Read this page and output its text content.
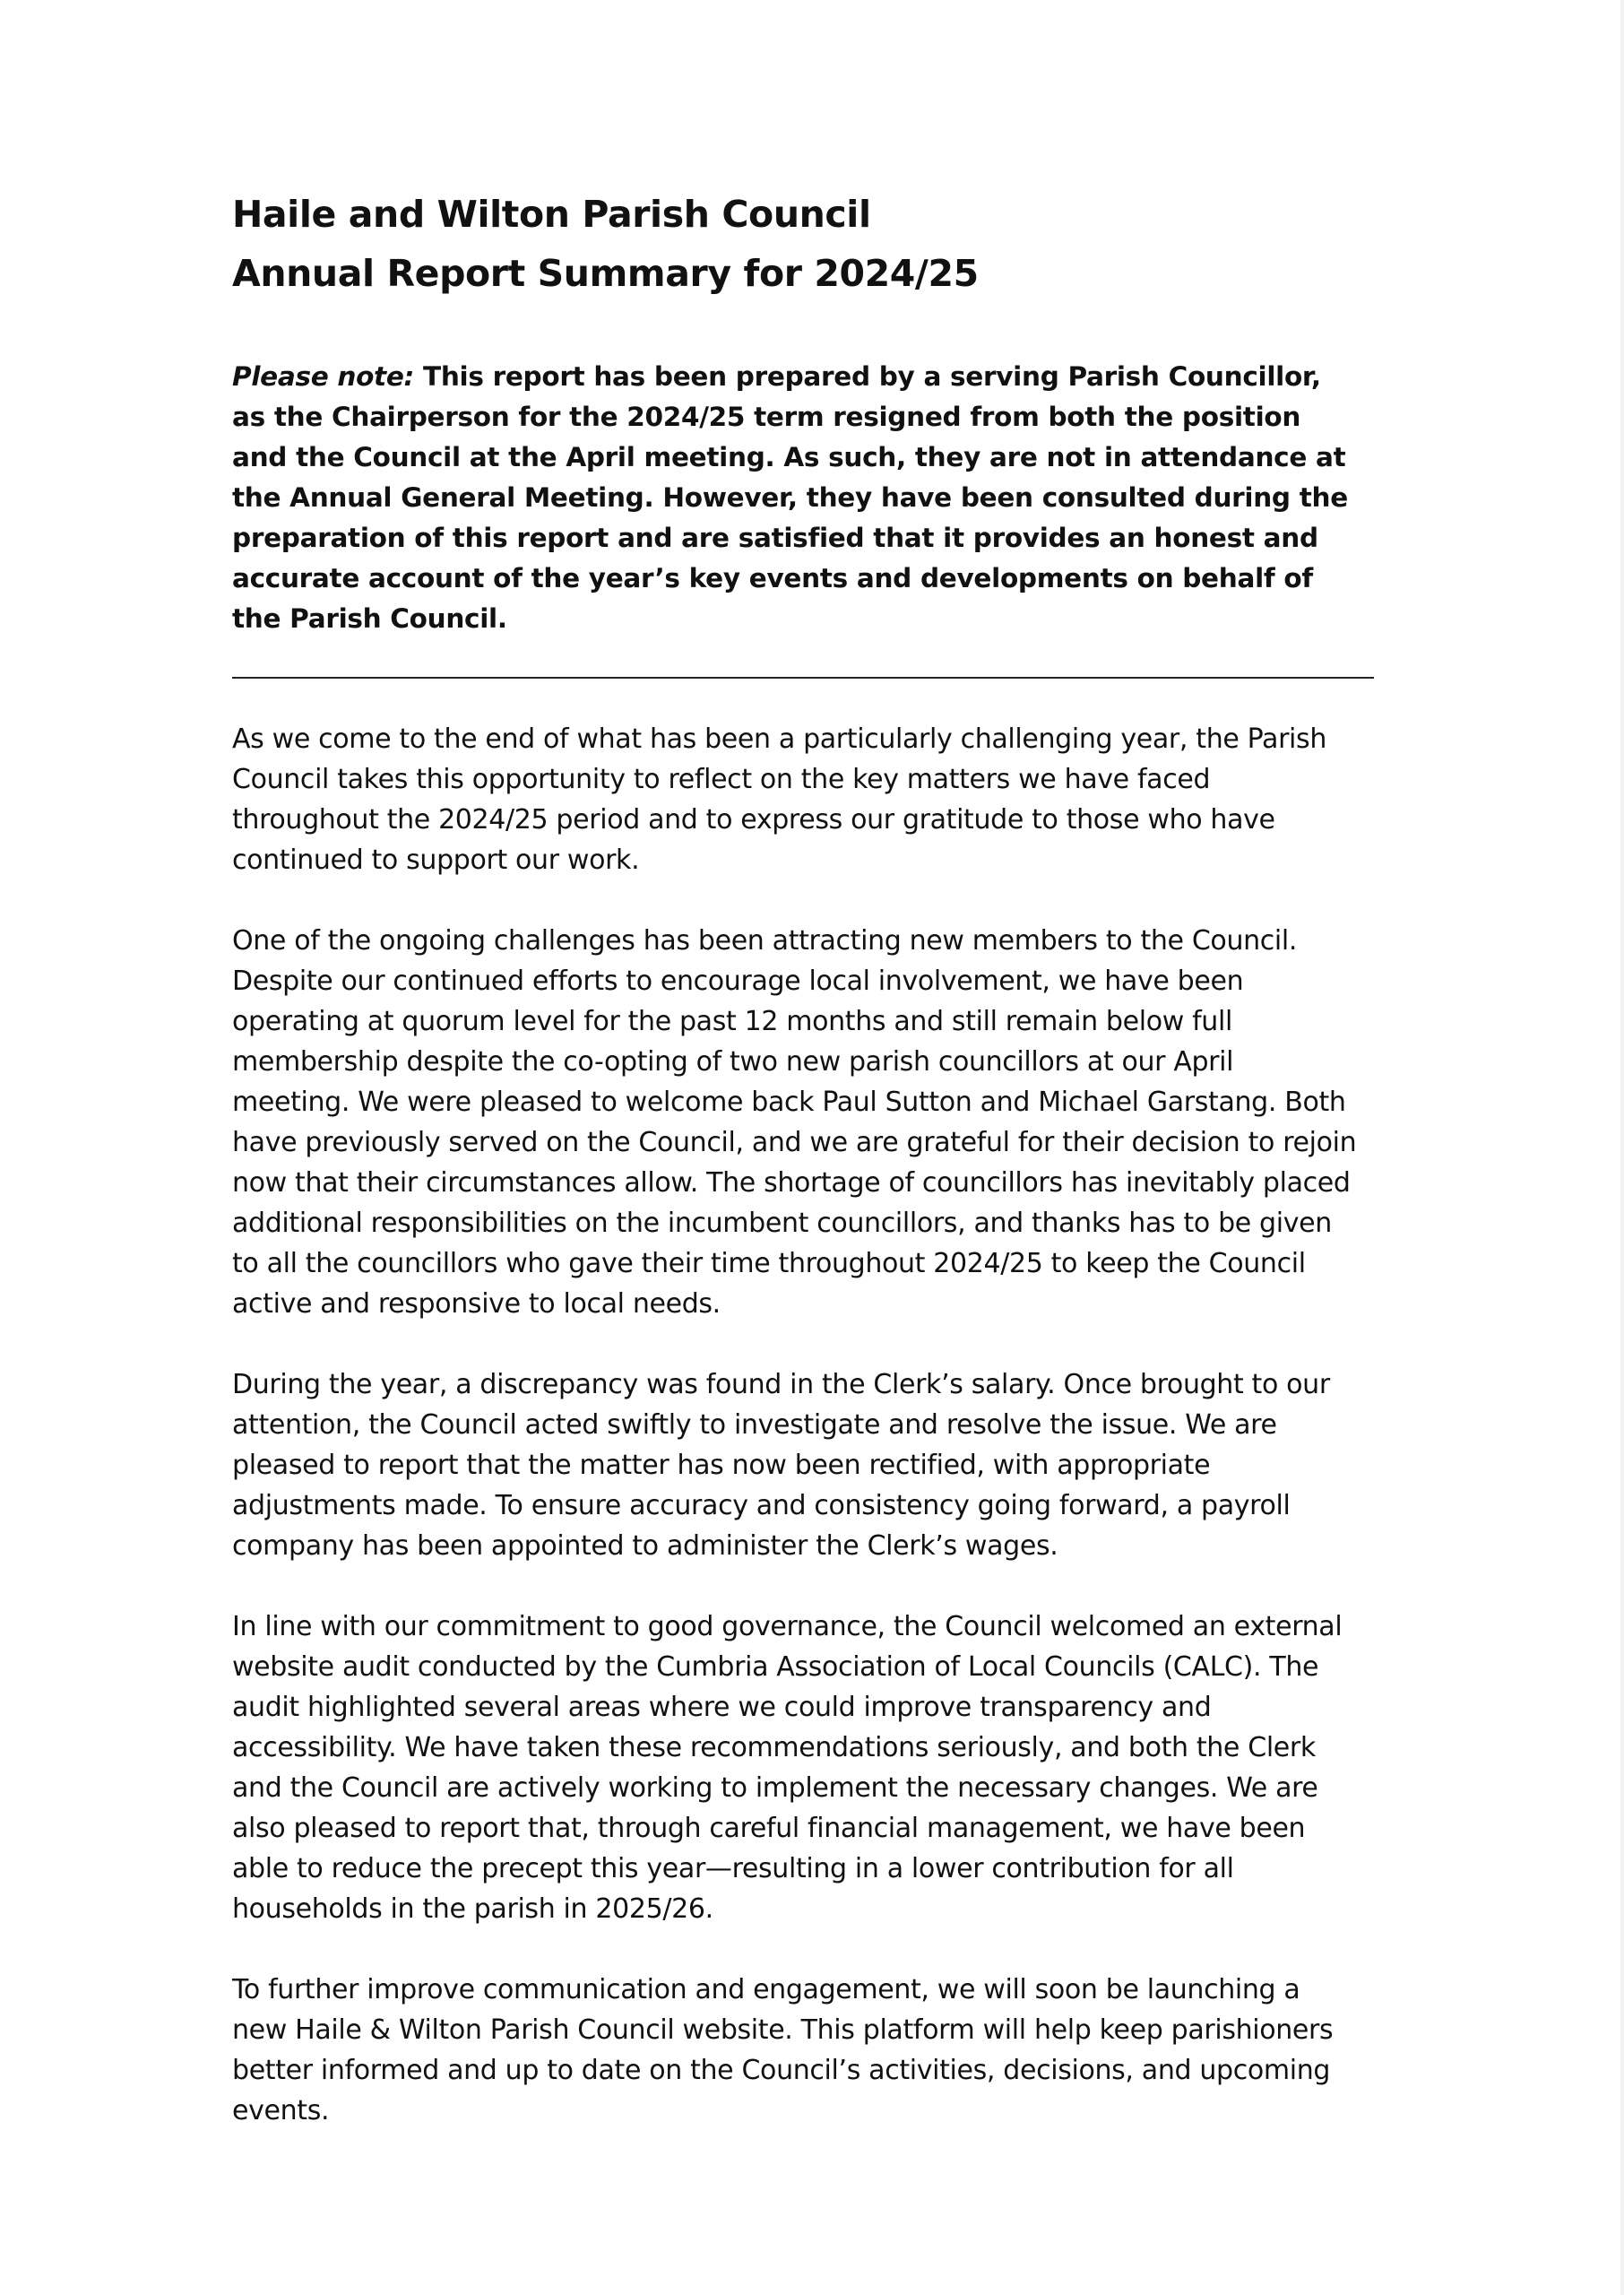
Haile and Wilton Parish Council
Annual Report Summary for 2024/25
Please note: This report has been prepared by a serving Parish Councillor, as the Chairperson for the 2024/25 term resigned from both the position and the Council at the April meeting. As such, they are not in attendance at the Annual General Meeting. However, they have been consulted during the preparation of this report and are satisfied that it provides an honest and accurate account of the year’s key events and developments on behalf of the Parish Council.

As we come to the end of what has been a particularly challenging year, the Parish Council takes this opportunity to reflect on the key matters we have faced throughout the 2024/25 period and to express our gratitude to those who have continued to support our work.

One of the ongoing challenges has been attracting new members to the Council. Despite our continued efforts to encourage local involvement, we have been operating at quorum level for the past 12 months and still remain below full membership despite the co-opting of two new parish councillors at our April meeting. We were pleased to welcome back Paul Sutton and Michael Garstang. Both have previously served on the Council, and we are grateful for their decision to rejoin now that their circumstances allow. The shortage of councillors has inevitably placed additional responsibilities on the incumbent councillors, and thanks has to be given to all the councillors who gave their time throughout 2024/25 to keep the Council active and responsive to local needs.

During the year, a discrepancy was found in the Clerk’s salary. Once brought to our attention, the Council acted swiftly to investigate and resolve the issue. We are pleased to report that the matter has now been rectified, with appropriate adjustments made. To ensure accuracy and consistency going forward, a payroll company has been appointed to administer the Clerk’s wages.

In line with our commitment to good governance, the Council welcomed an external website audit conducted by the Cumbria Association of Local Councils (CALC). The audit highlighted several areas where we could improve transparency and accessibility. We have taken these recommendations seriously, and both the Clerk and the Council are actively working to implement the necessary changes. We are also pleased to report that, through careful financial management, we have been able to reduce the precept this year—resulting in a lower contribution for all households in the parish in 2025/26.

To further improve communication and engagement, we will soon be launching a new Haile & Wilton Parish Council website. This platform will help keep parishioners better informed and up to date on the Council’s activities, decisions, and upcoming events.
